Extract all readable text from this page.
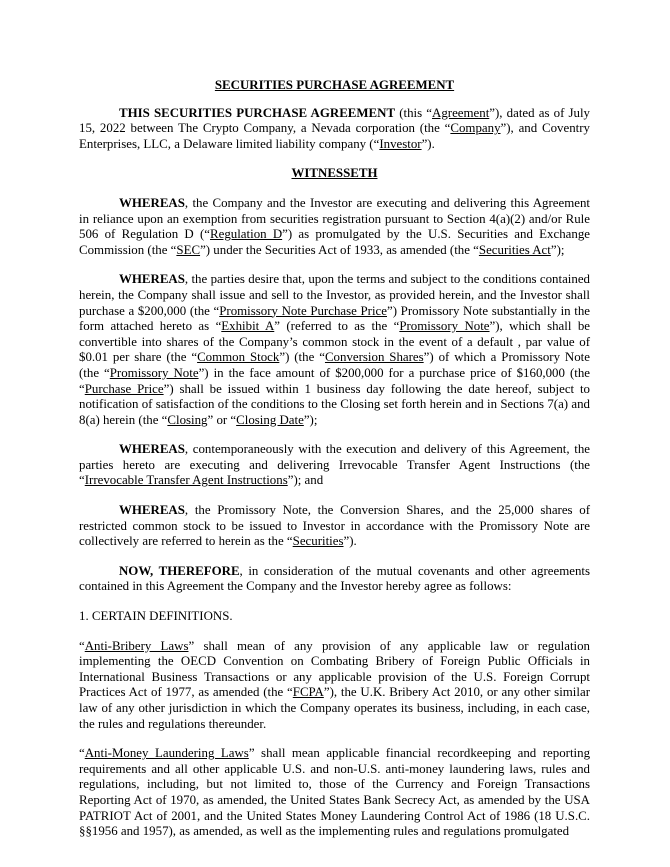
SECURITIES PURCHASE AGREEMENT

THIS SECURITIES PURCHASE AGREEMENT (this “Agreement”), dated as of July 15, 2022 between The Crypto Company, a Nevada corporation (the “Company”), and Coventry Enterprises, LLC, a Delaware limited liability company (“Investor”).

WITNESSETH

WHEREAS, the Company and the Investor are executing and delivering this Agreement in reliance upon an exemption from securities registration pursuant to Section 4(a)(2) and/or Rule 506 of Regulation D (“Regulation D”) as promulgated by the U.S. Securities and Exchange Commission (the “SEC”) under the Securities Act of 1933, as amended (the “Securities Act”);

WHEREAS, the parties desire that, upon the terms and subject to the conditions contained herein, the Company shall issue and sell to the Investor, as provided herein, and the Investor shall purchase a $200,000 (the “Promissory Note Purchase Price”) Promissory Note substantially in the form attached hereto as “Exhibit A” (referred to as the “Promissory Note”), which shall be convertible into shares of the Company’s common stock in the event of a default , par value of $0.01 per share (the “Common Stock”) (the “Conversion Shares”) of which a Promissory Note (the “Promissory Note”) in the face amount of $200,000 for a purchase price of $160,000 (the “Purchase Price”) shall be issued within 1 business day following the date hereof, subject to notification of satisfaction of the conditions to the Closing set forth herein and in Sections 7(a) and 8(a) herein (the “Closing” or “Closing Date”);

WHEREAS, contemporaneously with the execution and delivery of this Agreement, the parties hereto are executing and delivering Irrevocable Transfer Agent Instructions (the “Irrevocable Transfer Agent Instructions”); and

WHEREAS, the Promissory Note, the Conversion Shares, and the 25,000 shares of restricted common stock to be issued to Investor in accordance with the Promissory Note are collectively are referred to herein as the “Securities”).

NOW, THEREFORE, in consideration of the mutual covenants and other agreements contained in this Agreement the Company and the Investor hereby agree as follows:

1. CERTAIN DEFINITIONS.

“Anti-Bribery Laws” shall mean of any provision of any applicable law or regulation implementing the OECD Convention on Combating Bribery of Foreign Public Officials in International Business Transactions or any applicable provision of the U.S. Foreign Corrupt Practices Act of 1977, as amended (the “FCPA”), the U.K. Bribery Act 2010, or any other similar law of any other jurisdiction in which the Company operates its business, including, in each case, the rules and regulations thereunder.

“Anti-Money Laundering Laws” shall mean applicable financial recordkeeping and reporting requirements and all other applicable U.S. and non-U.S. anti-money laundering laws, rules and regulations, including, but not limited to, those of the Currency and Foreign Transactions Reporting Act of 1970, as amended, the United States Bank Secrecy Act, as amended by the USA PATRIOT Act of 2001, and the United States Money Laundering Control Act of 1986 (18 U.S.C. §§1956 and 1957), as amended, as well as the implementing rules and regulations promulgated
